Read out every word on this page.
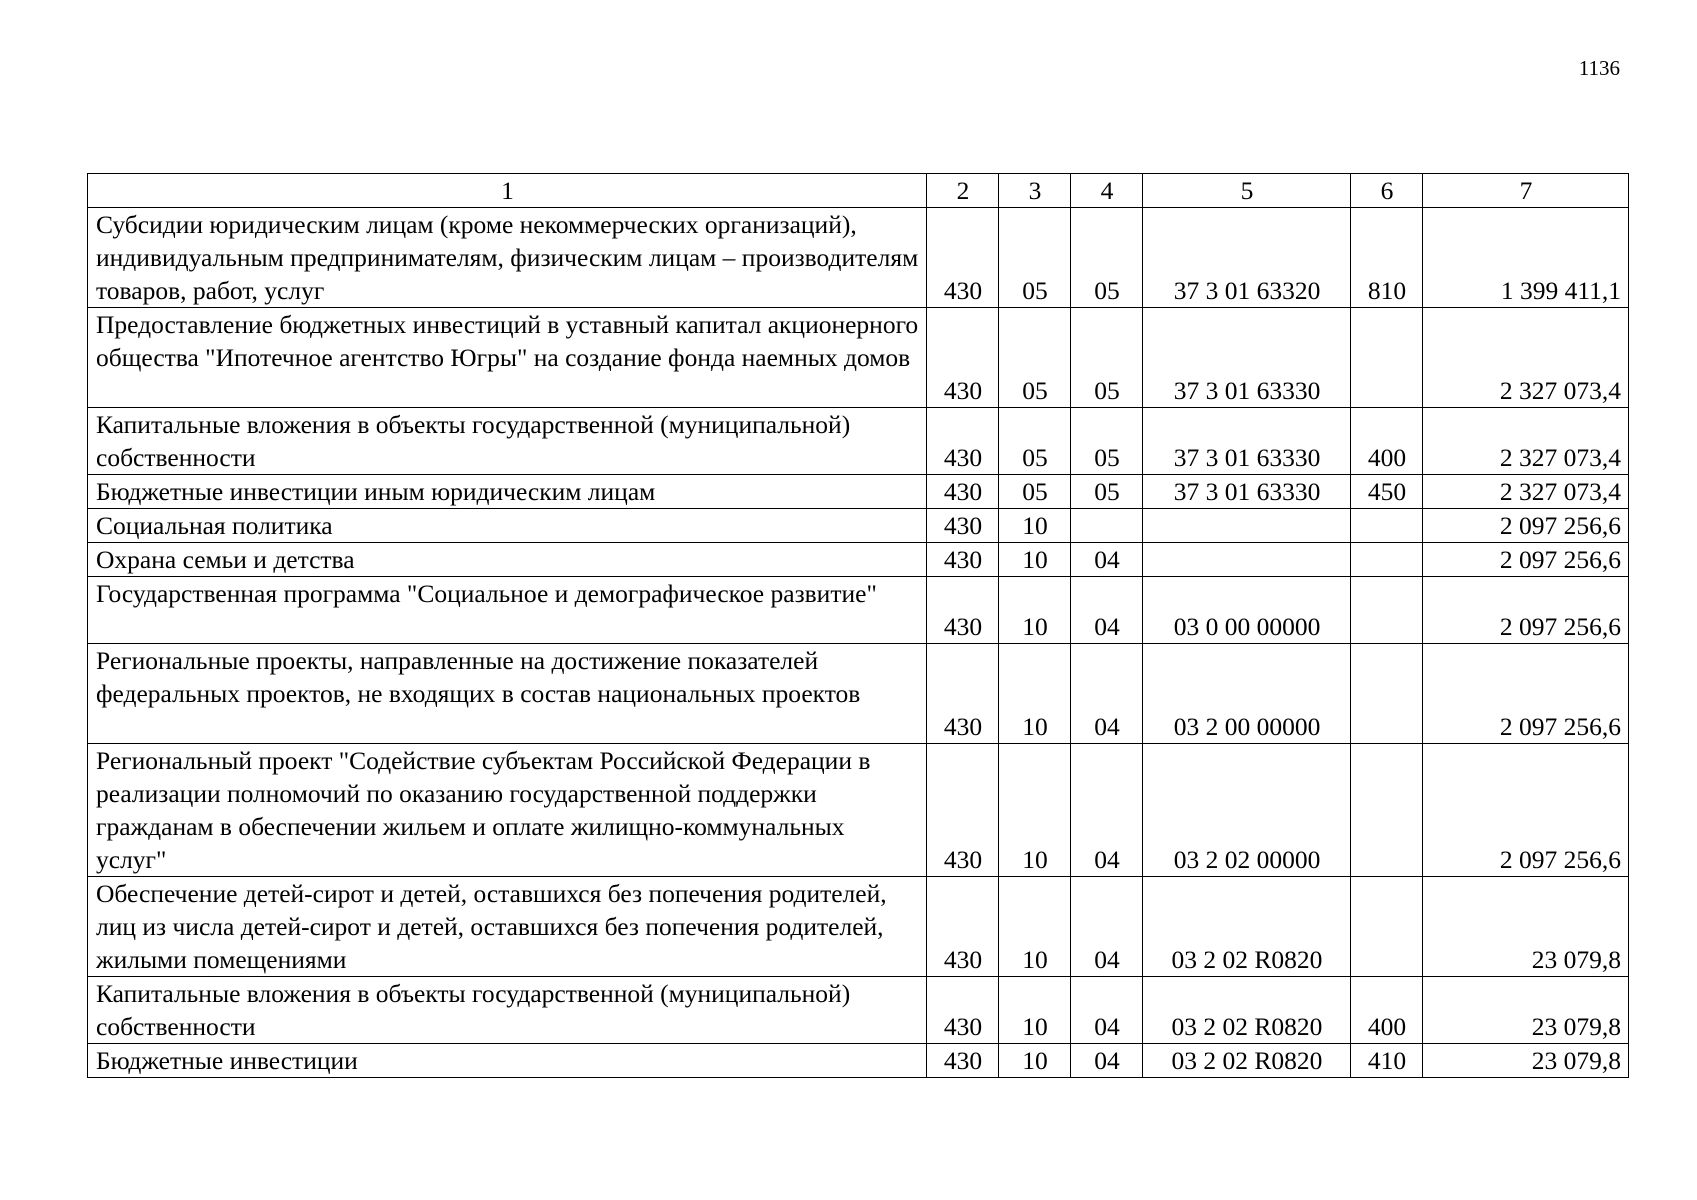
1136
1	2	3	4	5	6	7
Субсидии юридическим лицам (кроме некоммерческих организаций), индивидуальным предпринимателям, физическим лицам – производителям товаров, работ, услуг	430	05	05	37 3 01 63320	810	1 399 411,1
Предоставление бюджетных инвестиций в уставный капитал акционерного общества "Ипотечное агентство Югры" на создание фонда наемных домов	430	05	05	37 3 01 63330		2 327 073,4
Капитальные вложения в объекты государственной (муниципальной) собственности	430	05	05	37 3 01 63330	400	2 327 073,4
Бюджетные инвестиции иным юридическим лицам	430	05	05	37 3 01 63330	450	2 327 073,4
Социальная политика	430	10				2 097 256,6
Охрана семьи и детства	430	10	04			2 097 256,6
Государственная программа "Социальное и демографическое развитие"	430	10	04	03 0 00 00000		2 097 256,6
Региональные проекты, направленные на достижение показателей федеральных проектов, не входящих в состав национальных проектов	430	10	04	03 2 00 00000		2 097 256,6
Региональный проект "Содействие субъектам Российской Федерации в реализации полномочий по оказанию государственной поддержки гражданам в обеспечении жильем и оплате жилищно-коммунальных услуг"	430	10	04	03 2 02 00000		2 097 256,6
Обеспечение детей-сирот и детей, оставшихся без попечения родителей, лиц из числа детей-сирот и детей, оставшихся без попечения родителей, жилыми помещениями	430	10	04	03 2 02 R0820		23 079,8
Капитальные вложения в объекты государственной (муниципальной) собственности	430	10	04	03 2 02 R0820	400	23 079,8
Бюджетные инвестиции	430	10	04	03 2 02 R0820	410	23 079,8
